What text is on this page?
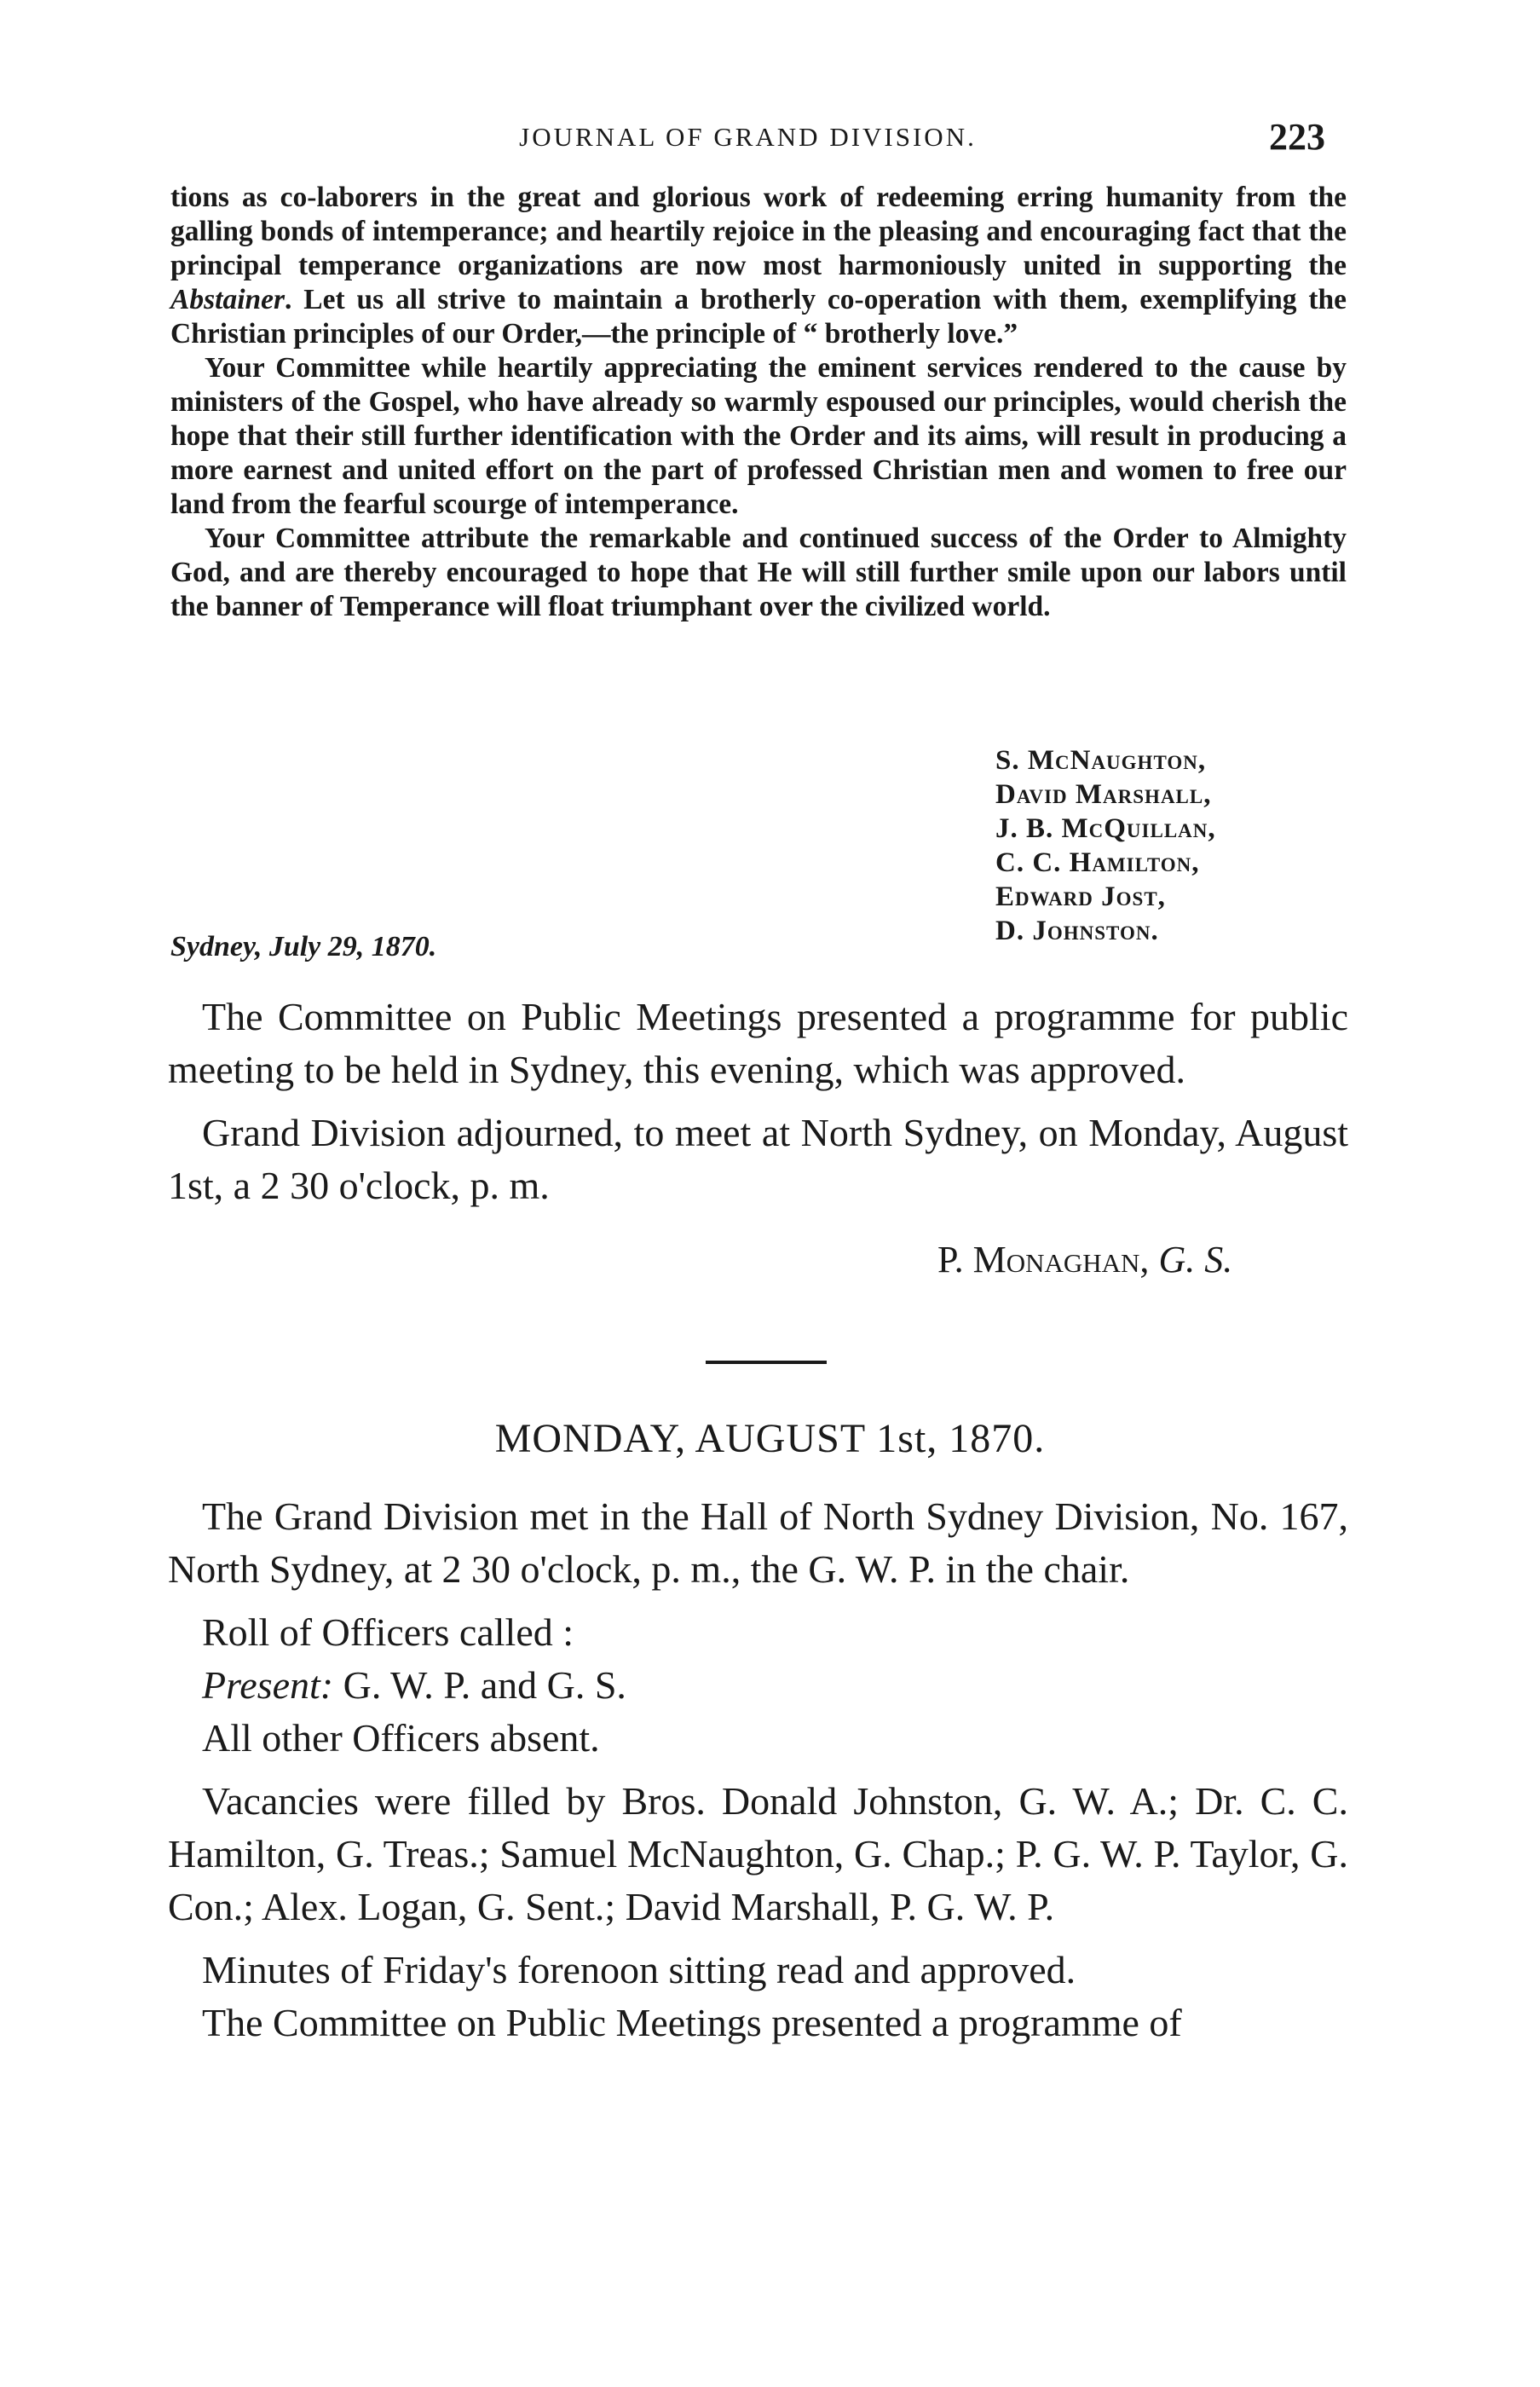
JOURNAL OF GRAND DIVISION.	223

tions as co-laborers in the great and glorious work of redeeming erring humanity from the galling bonds of intemperance; and heartily rejoice in the pleasing and encouraging fact that the principal temperance organizations are now most harmoniously united in supporting the Abstainer. Let us all strive to maintain a brotherly co-operation with them, exemplifying the Christian principles of our Order,—the principle of “ brotherly love.”

Your Committee while heartily appreciating the eminent services rendered to the cause by ministers of the Gospel, who have already so warmly espoused our principles, would cherish the hope that their still further identification with the Order and its aims, will result in producing a more earnest and united effort on the part of professed Christian men and women to free our land from the fearful scourge of intemperance.

Your Committee attribute the remarkable and continued success of the Order to Almighty God, and are thereby encouraged to hope that He will still further smile upon our labors until the banner of Temperance will float triumphant over the civilized world.

S. McNaughton,
David Marshall,
J. B. McQuillan,
C. C. Hamilton,
Edward Jost,
D. Johnston.
Sydney, July 29, 1870.

The Committee on Public Meetings presented a programme for public meeting to be held in Sydney, this evening, which was approved.

Grand Division adjourned, to meet at North Sydney, on Monday, August 1st, a 2 30 o'clock, p. m.

P. Monaghan, G. S.
MONDAY, AUGUST 1st, 1870.

The Grand Division met in the Hall of North Sydney Division, No. 167, North Sydney, at 2 30 o'clock, p. m., the G. W. P. in the chair.

Roll of Officers called :

Present: G. W. P. and G. S.

All other Officers absent.

Vacancies were filled by Bros. Donald Johnston, G. W. A.; Dr. C. C. Hamilton, G. Treas.; Samuel McNaughton, G. Chap.; P. G. W. P. Taylor, G. Con.; Alex. Logan, G. Sent.; David Marshall, P. G. W. P.

Minutes of Friday's forenoon sitting read and approved.

The Committee on Public Meetings presented a programme of
